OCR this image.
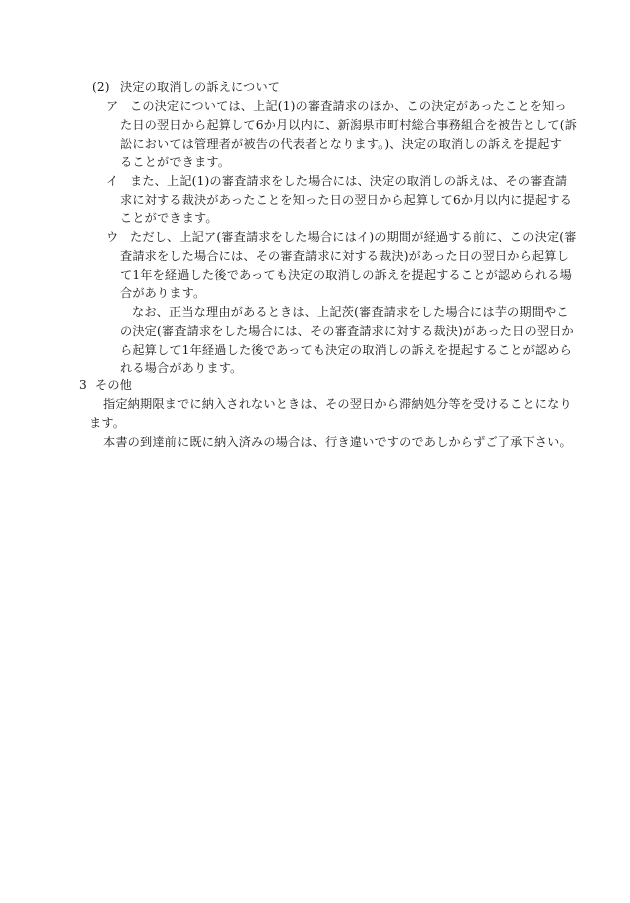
(2) 決定の取消しの訴えについて
ア この決定については、上記(1)の審査請求のほか、この決定があったことを知っ
た日の翌日から起算して6か月以内に、新潟県市町村総合事務組合を被告として(訴
訟においては管理者が被告の代表者となります。)、決定の取消しの訴えを提起す
ることができます。
イ また、上記(1)の審査請求をした場合には、決定の取消しの訴えは、その審査請
求に対する裁決があったことを知った日の翌日から起算して6か月以内に提起する
ことができます。
ウ ただし、上記ア(審査請求をした場合にはイ)の期間が経過する前に、この決定(審
査請求をした場合には、その審査請求に対する裁決)があった日の翌日から起算し
て1年を経過した後であっても決定の取消しの訴えを提起することが認められる場
合があります。
なお、正当な理由があるときは、上記茨(審査請求をした場合には芋の期間やこ
の決定(審査請求をした場合には、その審査請求に対する裁決)があった日の翌日か
ら起算して1年経過した後であっても決定の取消しの訴えを提起することが認めら
れる場合があります。
3 その他
指定納期限までに納入されないときは、その翌日から滞納処分等を受けることになり
ます。
本書の到達前に既に納入済みの場合は、行き違いですのであしからずご了承下さい。
